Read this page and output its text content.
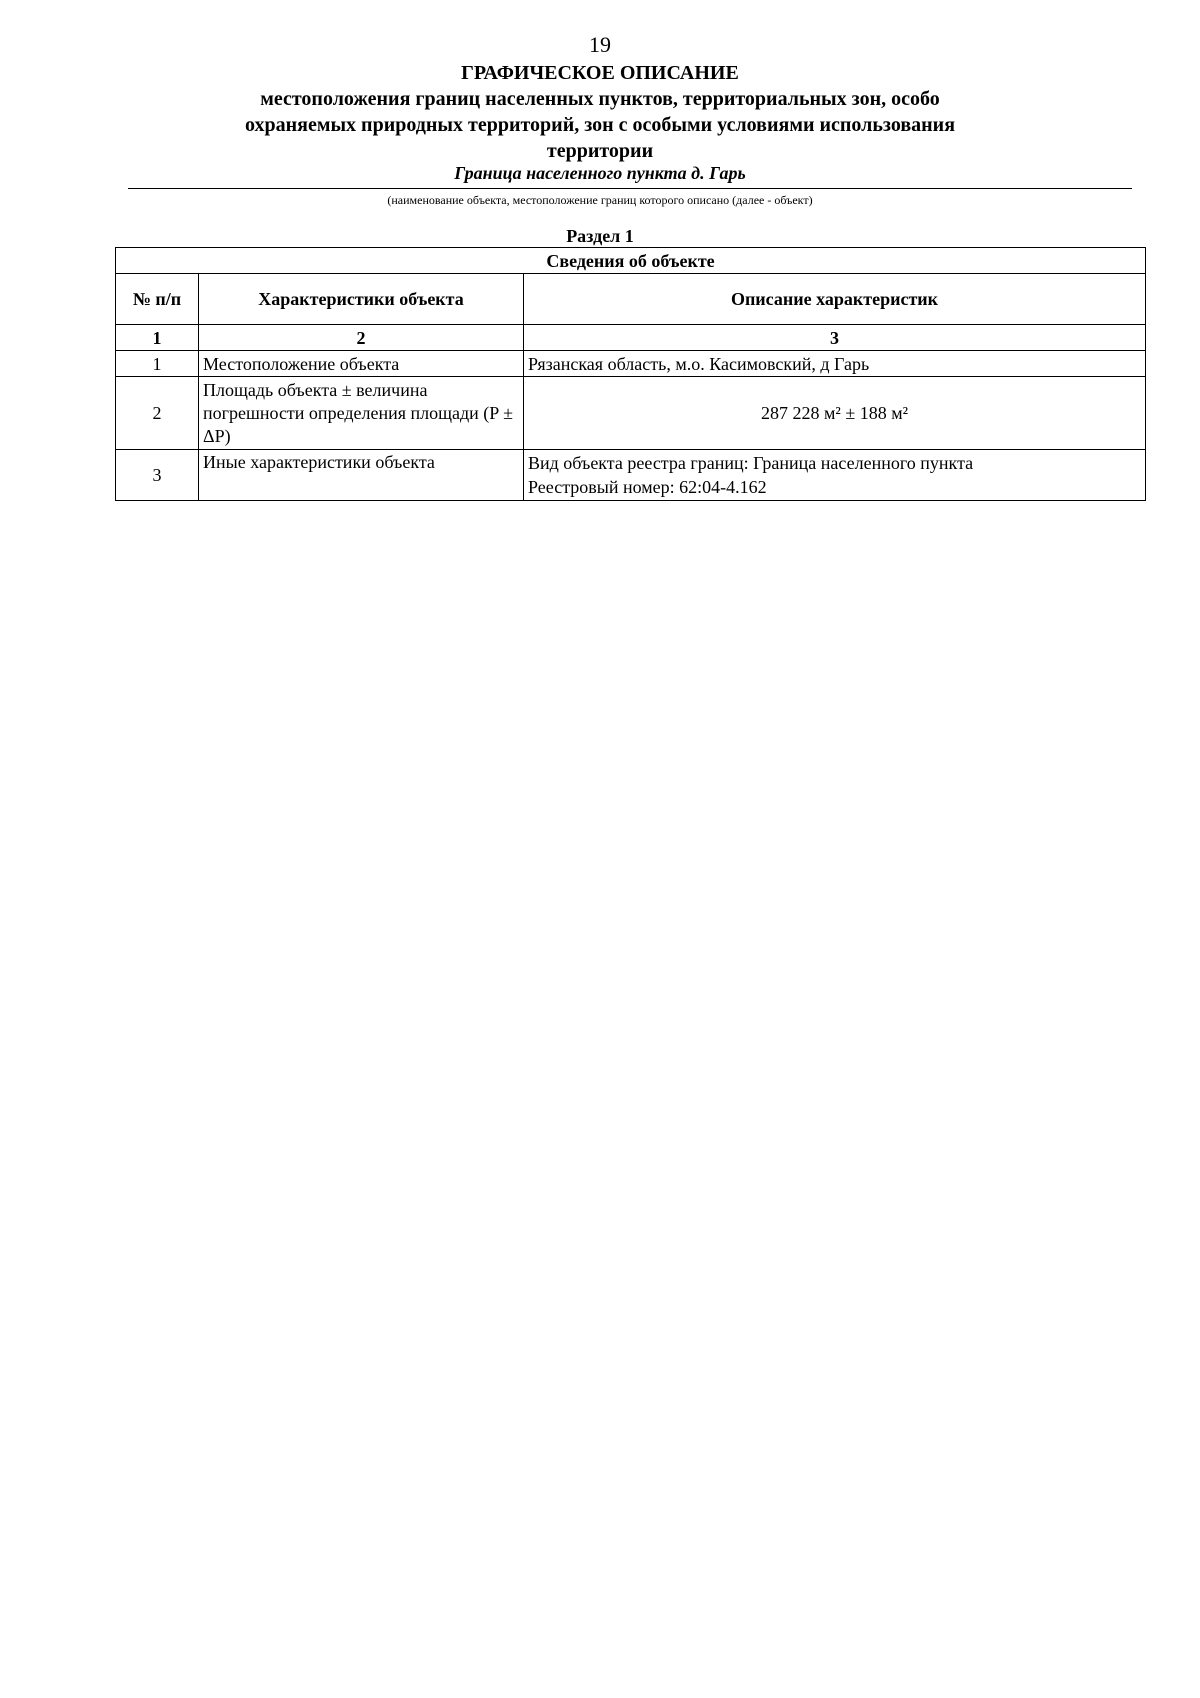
19
ГРАФИЧЕСКОЕ ОПИСАНИЕ
местоположения границ населенных пунктов, территориальных зон, особо охраняемых природных территорий, зон с особыми условиями использования территории
Граница населенного пункта д. Гарь
(наименование объекта, местоположение границ которого описано (далее - объект)
Раздел 1
Сведения об объекте		
№ п/п	Характеристики объекта	Описание характеристик
1	2	3
1	Местоположение объекта	Рязанская область, м.о. Касимовский, д Гарь
2	Площадь объекта ± величина погрешности определения площади (P ± ΔP)	287 228 м² ± 188 м²
3	Иные характеристики объекта	Вид объекта реестра границ: Граница населенного пункта
Реестровый номер: 62:04-4.162
